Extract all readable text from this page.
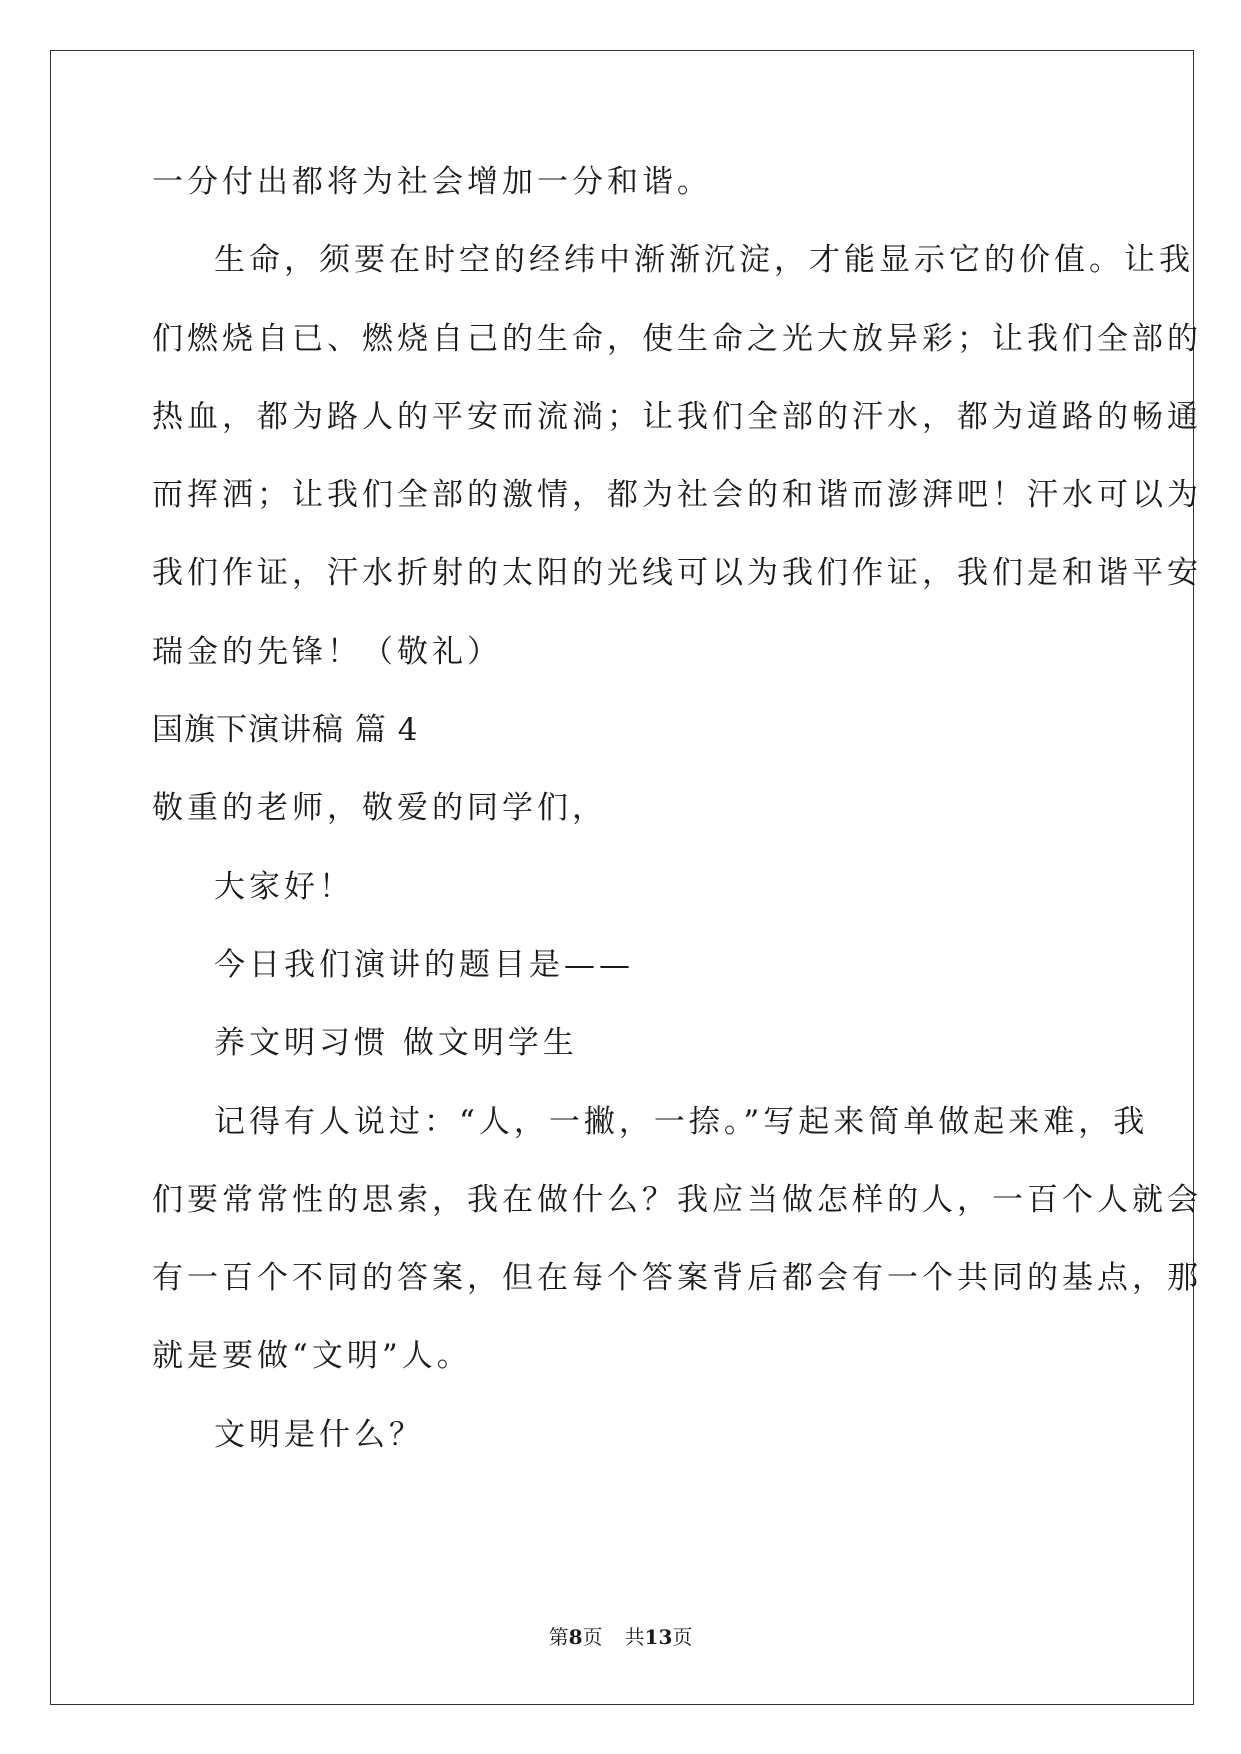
一分付出都将为社会增加一分和谐。
生命，须要在时空的经纬中渐渐沉淀，才能显示它的价值。让我
们燃烧自已、燃烧自己的生命，使生命之光大放异彩；让我们全部的
热血，都为路人的平安而流淌；让我们全部的汗水，都为道路的畅通
而挥洒；让我们全部的激情，都为社会的和谐而澎湃吧！汗水可以为
我们作证，汗水折射的太阳的光线可以为我们作证，我们是和谐平安
瑞金的先锋！（敬礼）
国旗下演讲稿 篇 4
敬重的老师，敬爱的同学们，
大家好！
今日我们演讲的题目是——
养文明习惯 做文明学生
记得有人说过：“人，一撇，一捺。”写起来简单做起来难，我
们要常常性的思索，我在做什么？我应当做怎样的人，一百个人就会
有一百个不同的答案，但在每个答案背后都会有一个共同的基点，那
就是要做“文明”人。
文明是什么？
第8页 共13页
